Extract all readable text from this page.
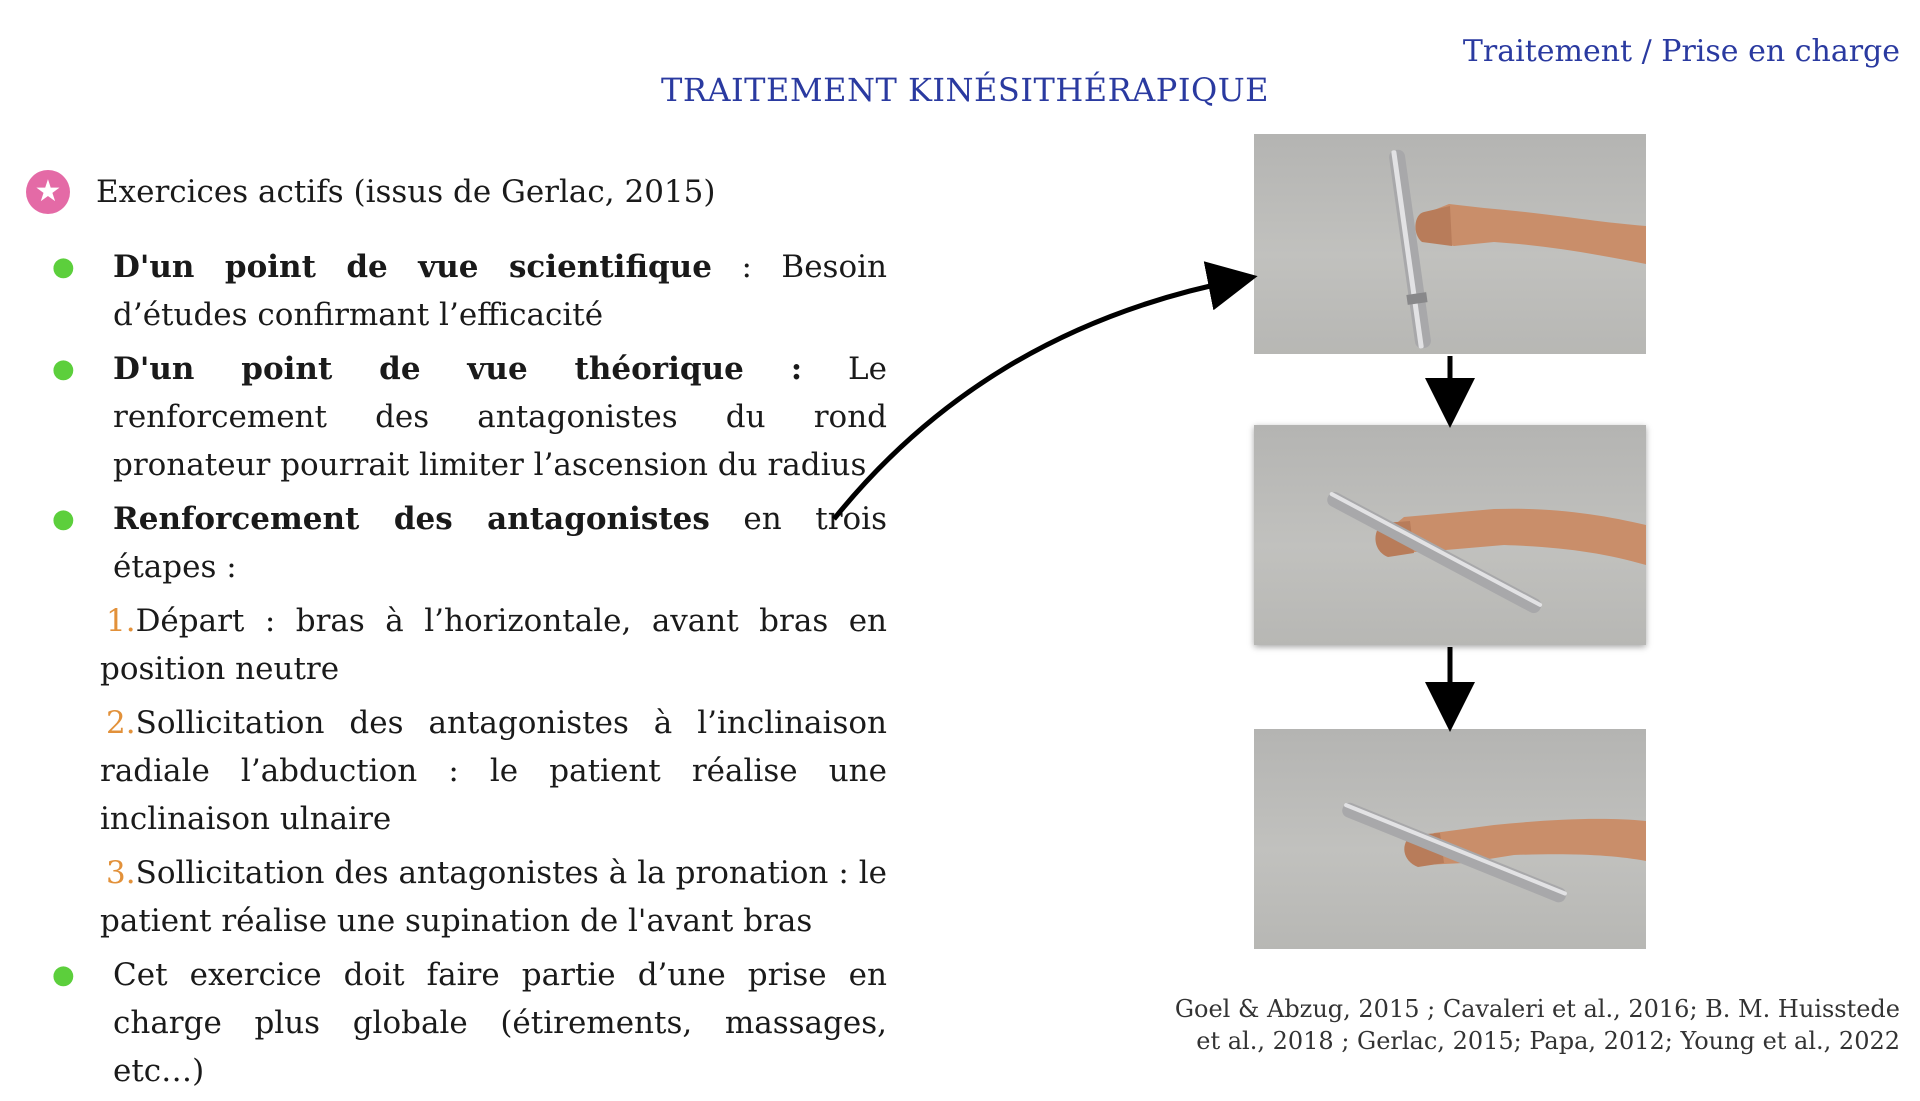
Traitement / Prise en charge
TRAITEMENT KINÉSITHÉRAPIQUE
★ Exercices actifs (issus de Gerlac, 2015)
● D'un point de vue scientifique : Besoin d’études confirmant l’efficacité
● D'un point de vue théorique : Le renforcement des antagonistes du rond pronateur pourrait limiter l’ascension du radius
● Renforcement des antagonistes en trois étapes :
1.Départ : bras à l’horizontale, avant bras en position neutre
2.Sollicitation des antagonistes à l’inclinaison radiale l’abduction : le patient réalise une inclinaison ulnaire
3.Sollicitation des antagonistes à la pronation : le patient réalise une supination de l'avant bras
● Cet exercice doit faire partie d’une prise en charge plus globale (étirements, massages, etc…)
Goel & Abzug, 2015 ; Cavaleri et al., 2016; B. M. Huisstede
et al., 2018 ; Gerlac, 2015; Papa, 2012; Young et al., 2022
